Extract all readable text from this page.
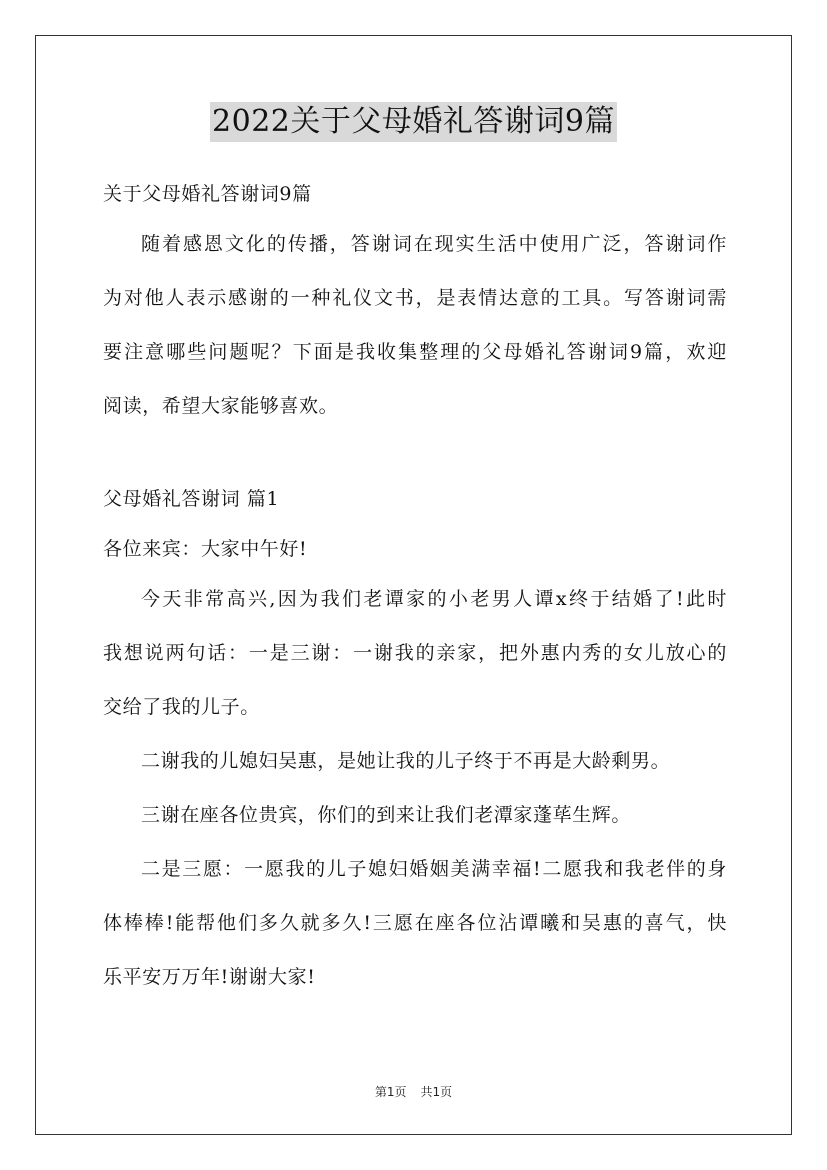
2022关于父母婚礼答谢词9篇
关于父母婚礼答谢词9篇
随着感恩文化的传播，答谢词在现实生活中使用广泛，答谢词作
为对他人表示感谢的一种礼仪文书，是表情达意的工具。写答谢词需
要注意哪些问题呢？下面是我收集整理的父母婚礼答谢词9篇，欢迎
阅读，希望大家能够喜欢。
父母婚礼答谢词 篇1
各位来宾：大家中午好!
今天非常高兴,因为我们老谭家的小老男人谭x终于结婚了!此时
我想说两句话：一是三谢：一谢我的亲家，把外惠内秀的女儿放心的
交给了我的儿子。
二谢我的儿媳妇吴惠，是她让我的儿子终于不再是大龄剩男。
三谢在座各位贵宾，你们的到来让我们老潭家蓬荜生辉。
二是三愿：一愿我的儿子媳妇婚姻美满幸福!二愿我和我老伴的身
体棒棒!能帮他们多久就多久!三愿在座各位沾谭曦和吴惠的喜气，快
乐平安万万年!谢谢大家!
第1页 共1页
